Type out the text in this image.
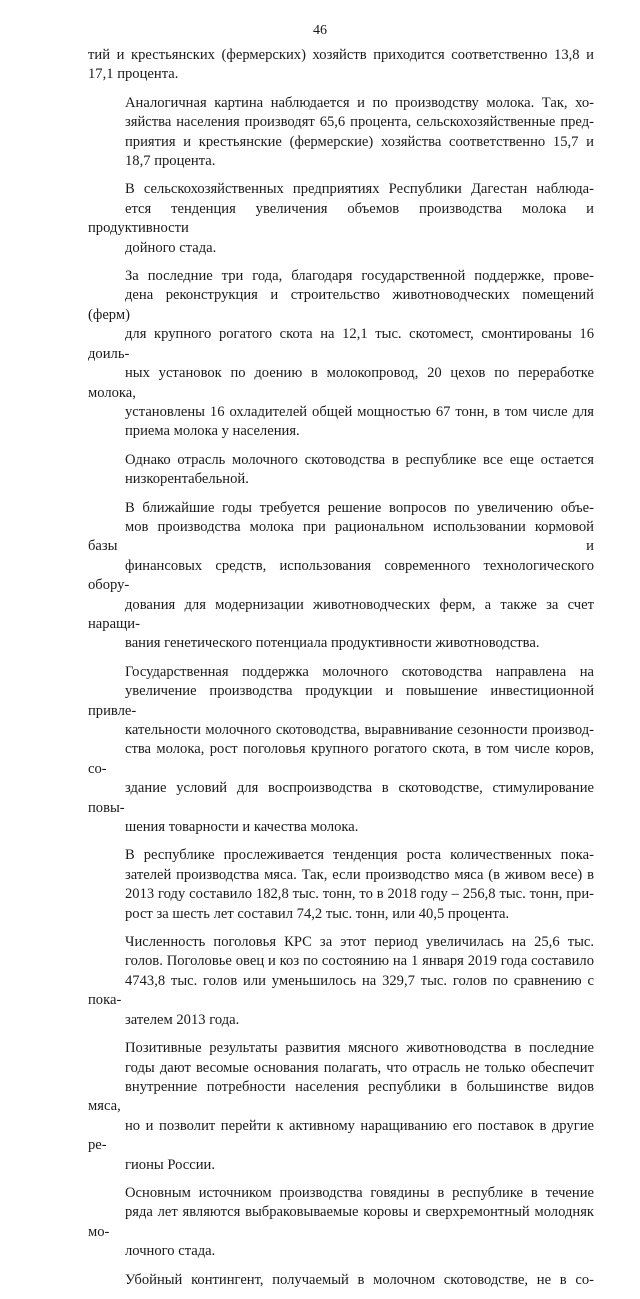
46

тий и крестьянских (фермерских) хозяйств приходится соответственно 13,8 и
17,1 процента.

Аналогичная картина наблюдается и по производству молока. Так, хо-
зяйства населения производят 65,6 процента, сельскохозяйственные пред-
приятия и крестьянские (фермерские) хозяйства соответственно 15,7 и
18,7 процента.

В сельскохозяйственных предприятиях Республики Дагестан наблюда-
ется тенденция увеличения объемов производства молока и продуктивности
дойного стада.

За последние три года, благодаря государственной поддержке, прове-
дена реконструкция и строительство животноводческих помещений (ферм)
для крупного рогатого скота на 12,1 тыс. скотомест, смонтированы 16 доиль-
ных установок по доению в молокопровод, 20 цехов по переработке молока,
установлены 16 охладителей общей мощностью 67 тонн, в том числе для
приема молока у населения.

Однако отрасль молочного скотоводства в республике все еще остается
низкорентабельной.

В ближайшие годы требуется решение вопросов по увеличению объе-
мов производства молока при рациональном использовании кормовой базы и
финансовых средств, использования современного технологического обору-
дования для модернизации животноводческих ферм, а также за счет наращи-
вания генетического потенциала продуктивности животноводства.

Государственная поддержка молочного скотоводства направлена на
увеличение производства продукции и повышение инвестиционной привле-
кательности молочного скотоводства, выравнивание сезонности производ-
ства молока, рост поголовья крупного рогатого скота, в том числе коров, со-
здание условий для воспроизводства в скотоводстве, стимулирование повы-
шения товарности и качества молока.

В республике прослеживается тенденция роста количественных пока-
зателей производства мяса. Так, если производство мяса (в живом весе) в
2013 году составило 182,8 тыс. тонн, то в 2018 году – 256,8 тыс. тонн, при-
рост за шесть лет составил 74,2 тыс. тонн, или 40,5 процента.

Численность поголовья КРС за этот период увеличилась на 25,6 тыс.
голов. Поголовье овец и коз по состоянию на 1 января 2019 года составило
4743,8 тыс. голов или уменьшилось на 329,7 тыс. голов по сравнению с пока-
зателем 2013 года.

Позитивные результаты развития мясного животноводства в последние
годы дают весомые основания полагать, что отрасль не только обеспечит
внутренние потребности населения республики в большинстве видов мяса,
но и позволит перейти к активному наращиванию его поставок в другие ре-
гионы России.

Основным источником производства говядины в республике в течение
ряда лет являются выбраковываемые коровы и сверхремонтный молодняк мо-
лочного стада.

Убойный контингент, получаемый в молочном скотоводстве, не в со-
